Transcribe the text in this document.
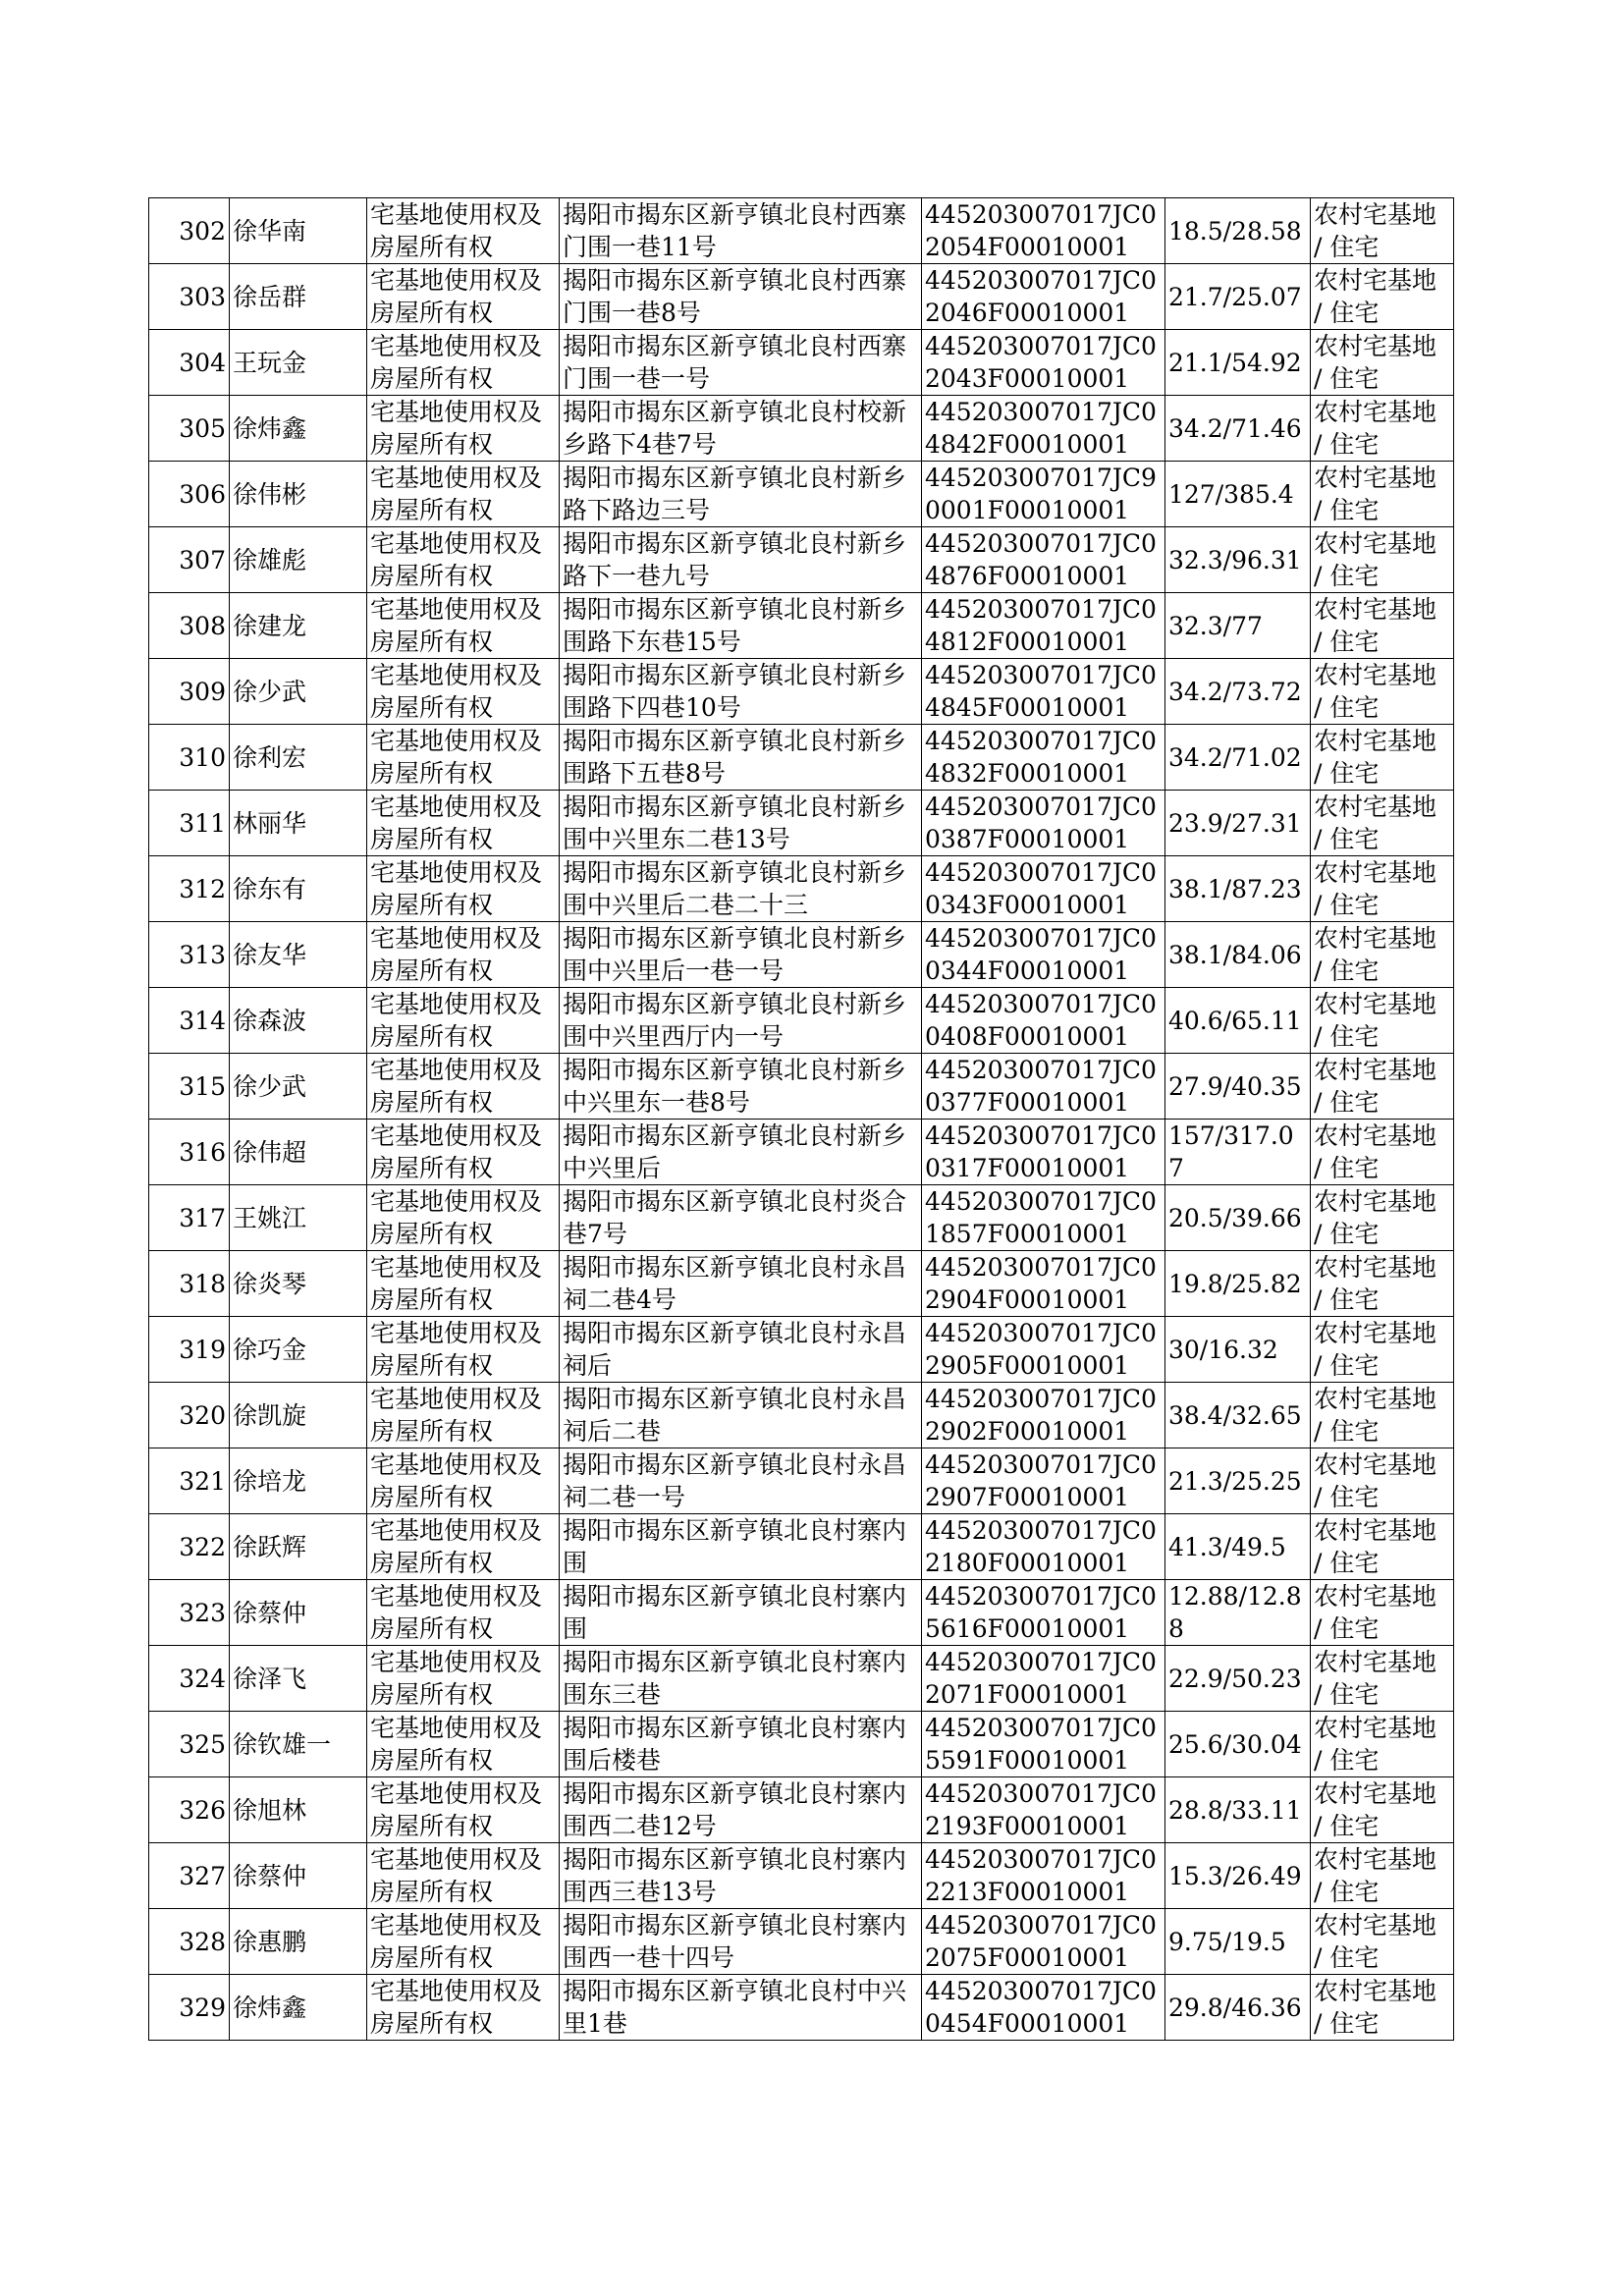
302	徐华南	宅基地使用权及房屋所有权	揭阳市揭东区新亨镇北良村西寨门围一巷11号	445203007017JC02054F00010001	18.5/28.58	农村宅基地 / 住宅

303	徐岳群	宅基地使用权及房屋所有权	揭阳市揭东区新亨镇北良村西寨门围一巷8号	445203007017JC02046F00010001	21.7/25.07	农村宅基地 / 住宅

304	王玩金	宅基地使用权及房屋所有权	揭阳市揭东区新亨镇北良村西寨门围一巷一号	445203007017JC02043F00010001	21.1/54.92	农村宅基地 / 住宅

305	徐炜鑫	宅基地使用权及房屋所有权	揭阳市揭东区新亨镇北良村校新乡路下4巷7号	445203007017JC04842F00010001	34.2/71.46	农村宅基地 / 住宅

306	徐伟彬	宅基地使用权及房屋所有权	揭阳市揭东区新亨镇北良村新乡路下路边三号	445203007017JC90001F00010001	127/385.4	农村宅基地 / 住宅

307	徐雄彪	宅基地使用权及房屋所有权	揭阳市揭东区新亨镇北良村新乡路下一巷九号	445203007017JC04876F00010001	32.3/96.31	农村宅基地 / 住宅

308	徐建龙	宅基地使用权及房屋所有权	揭阳市揭东区新亨镇北良村新乡围路下东巷15号	445203007017JC04812F00010001	32.3/77	农村宅基地 / 住宅

309	徐少武	宅基地使用权及房屋所有权	揭阳市揭东区新亨镇北良村新乡围路下四巷10号	445203007017JC04845F00010001	34.2/73.72	农村宅基地 / 住宅

310	徐利宏	宅基地使用权及房屋所有权	揭阳市揭东区新亨镇北良村新乡围路下五巷8号	445203007017JC04832F00010001	34.2/71.02	农村宅基地 / 住宅

311	林丽华	宅基地使用权及房屋所有权	揭阳市揭东区新亨镇北良村新乡围中兴里东二巷13号	445203007017JC00387F00010001	23.9/27.31	农村宅基地 / 住宅

312	徐东有	宅基地使用权及房屋所有权	揭阳市揭东区新亨镇北良村新乡围中兴里后二巷二十三	445203007017JC00343F00010001	38.1/87.23	农村宅基地 / 住宅

313	徐友华	宅基地使用权及房屋所有权	揭阳市揭东区新亨镇北良村新乡围中兴里后一巷一号	445203007017JC00344F00010001	38.1/84.06	农村宅基地 / 住宅

314	徐森波	宅基地使用权及房屋所有权	揭阳市揭东区新亨镇北良村新乡围中兴里西厅内一号	445203007017JC00408F00010001	40.6/65.11	农村宅基地 / 住宅

315	徐少武	宅基地使用权及房屋所有权	揭阳市揭东区新亨镇北良村新乡中兴里东一巷8号	445203007017JC00377F00010001	27.9/40.35	农村宅基地 / 住宅

316	徐伟超	宅基地使用权及房屋所有权	揭阳市揭东区新亨镇北良村新乡中兴里后	445203007017JC00317F00010001	157/317.07	农村宅基地 / 住宅

317	王姚江	宅基地使用权及房屋所有权	揭阳市揭东区新亨镇北良村炎合巷7号	445203007017JC01857F00010001	20.5/39.66	农村宅基地 / 住宅

318	徐炎琴	宅基地使用权及房屋所有权	揭阳市揭东区新亨镇北良村永昌祠二巷4号	445203007017JC02904F00010001	19.8/25.82	农村宅基地 / 住宅

319	徐巧金	宅基地使用权及房屋所有权	揭阳市揭东区新亨镇北良村永昌祠后	445203007017JC02905F00010001	30/16.32	农村宅基地 / 住宅

320	徐凯旋	宅基地使用权及房屋所有权	揭阳市揭东区新亨镇北良村永昌祠后二巷	445203007017JC02902F00010001	38.4/32.65	农村宅基地 / 住宅

321	徐培龙	宅基地使用权及房屋所有权	揭阳市揭东区新亨镇北良村永昌祠二巷一号	445203007017JC02907F00010001	21.3/25.25	农村宅基地 / 住宅

322	徐跃辉	宅基地使用权及房屋所有权	揭阳市揭东区新亨镇北良村寨内围	445203007017JC02180F00010001	41.3/49.5	农村宅基地 / 住宅

323	徐蔡仲	宅基地使用权及房屋所有权	揭阳市揭东区新亨镇北良村寨内围	445203007017JC05616F00010001	12.88/12.88	农村宅基地 / 住宅

324	徐泽飞	宅基地使用权及房屋所有权	揭阳市揭东区新亨镇北良村寨内围东三巷	445203007017JC02071F00010001	22.9/50.23	农村宅基地 / 住宅

325	徐钦雄一	宅基地使用权及房屋所有权	揭阳市揭东区新亨镇北良村寨内围后楼巷	445203007017JC05591F00010001	25.6/30.04	农村宅基地 / 住宅

326	徐旭林	宅基地使用权及房屋所有权	揭阳市揭东区新亨镇北良村寨内围西二巷12号	445203007017JC02193F00010001	28.8/33.11	农村宅基地 / 住宅

327	徐蔡仲	宅基地使用权及房屋所有权	揭阳市揭东区新亨镇北良村寨内围西三巷13号	445203007017JC02213F00010001	15.3/26.49	农村宅基地 / 住宅

328	徐惠鹏	宅基地使用权及房屋所有权	揭阳市揭东区新亨镇北良村寨内围西一巷十四号	445203007017JC02075F00010001	9.75/19.5	农村宅基地 / 住宅

329	徐炜鑫	宅基地使用权及房屋所有权	揭阳市揭东区新亨镇北良村中兴里1巷	445203007017JC00454F00010001	29.8/46.36	农村宅基地 / 住宅
